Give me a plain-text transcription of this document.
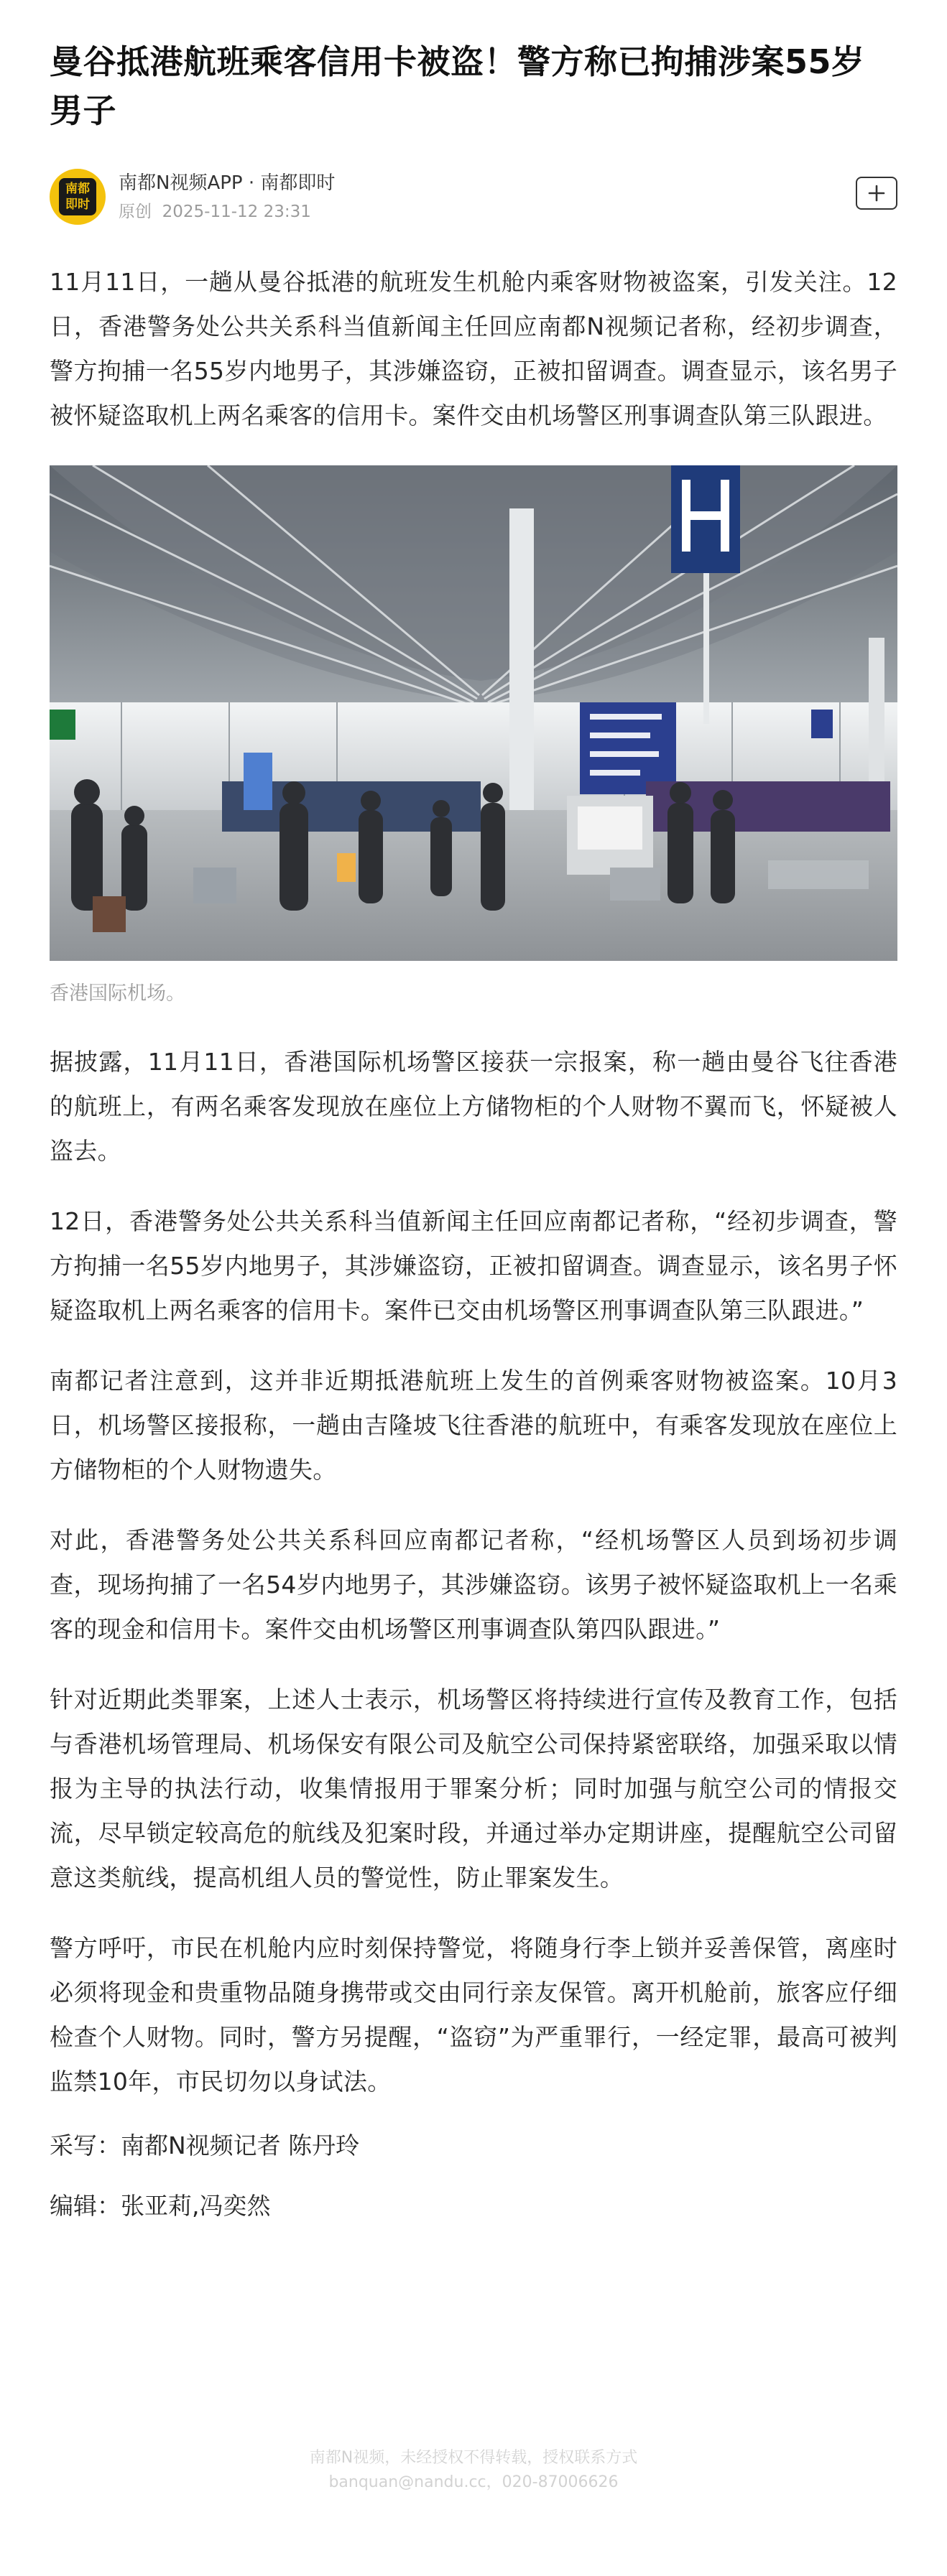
曼谷抵港航班乘客信用卡被盗！警方称已拘捕涉案55岁男子
南都
即时
南都N视频APP · 南都即时
原创 2025-11-12 23:31

11月11日，一趟从曼谷抵港的航班发生机舱内乘客财物被盗案，引发关注。12日，香港警务处公共关系科当值新闻主任回应南都N视频记者称，经初步调查，警方拘捕一名55岁内地男子，其涉嫌盗窃，正被扣留调查。调查显示，该名男子被怀疑盗取机上两名乘客的信用卡。案件交由机场警区刑事调查队第三队跟进。

香港国际机场。

据披露，11月11日，香港国际机场警区接获一宗报案，称一趟由曼谷飞往香港的航班上，有两名乘客发现放在座位上方储物柜的个人财物不翼而飞，怀疑被人盗去。

12日，香港警务处公共关系科当值新闻主任回应南都记者称，“经初步调查，警方拘捕一名55岁内地男子，其涉嫌盗窃，正被扣留调查。调查显示，该名男子怀疑盗取机上两名乘客的信用卡。案件已交由机场警区刑事调查队第三队跟进。”

南都记者注意到，这并非近期抵港航班上发生的首例乘客财物被盗案。10月3日，机场警区接报称，一趟由吉隆坡飞往香港的航班中，有乘客发现放在座位上方储物柜的个人财物遗失。

对此，香港警务处公共关系科回应南都记者称，“经机场警区人员到场初步调查，现场拘捕了一名54岁内地男子，其涉嫌盗窃。该男子被怀疑盗取机上一名乘客的现金和信用卡。案件交由机场警区刑事调查队第四队跟进。”

针对近期此类罪案，上述人士表示，机场警区将持续进行宣传及教育工作，包括与香港机场管理局、机场保安有限公司及航空公司保持紧密联络，加强采取以情报为主导的执法行动，收集情报用于罪案分析；同时加强与航空公司的情报交流，尽早锁定较高危的航线及犯案时段，并通过举办定期讲座，提醒航空公司留意这类航线，提高机组人员的警觉性，防止罪案发生。

警方呼吁，市民在机舱内应时刻保持警觉，将随身行李上锁并妥善保管，离座时必须将现金和贵重物品随身携带或交由同行亲友保管。离开机舱前，旅客应仔细检查个人财物。同时，警方另提醒，“盗窃”为严重罪行，一经定罪，最高可被判监禁10年，市民切勿以身试法。

采写：南都N视频记者 陈丹玲

编辑：张亚莉,冯奕然

南都N视频，未经授权不得转载，授权联系方式
banquan@nandu.cc，020-87006626
